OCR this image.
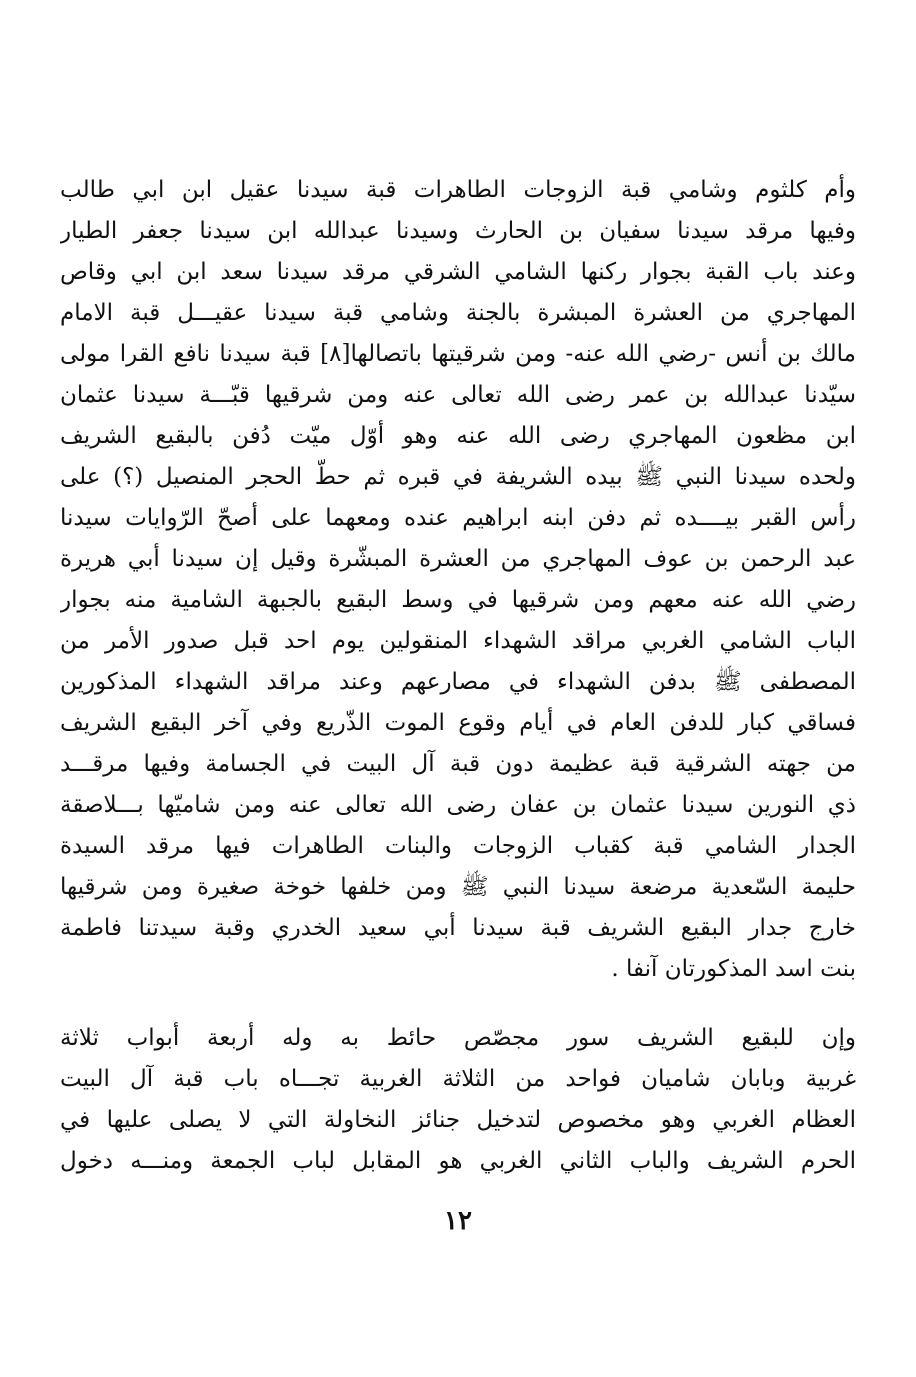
وأم كلثوم وشامي قبة الزوجات الطاهرات قبة سيدنا عقيل ابن ابي طالب
وفيها مرقد سيدنا سفيان بن الحارث وسيدنا عبدالله ابن سيدنا جعفر الطيار
وعند باب القبة بجوار ركنها الشامي الشرقي مرقد سيدنا سعد ابن ابي وقاص
المهاجري من العشرة المبشرة بالجنة وشامي قبة سيدنا عقيـــل قبة الامام
مالك بن أنس -رضي الله عنه- ومن شرقيتها باتصالها[٨] قبة سيدنا نافع القرا مولى
سيّدنا عبدالله بن عمر رضى الله تعالى عنه ومن شرقيها قبّـــة سيدنا عثمان
ابن مظعون المهاجري رضى الله عنه وهو أوّل ميّت دُفن بالبقيع الشريف
ولحده سيدنا النبي ﷺ بيده الشريفة في قبره ثم حطّ الحجر المنصيل (؟) على
رأس القبر بيــــده ثم دفن ابنه ابراهيم عنده ومعهما على أصحّ الرّوايات سيدنا
عبد الرحمن بن عوف المهاجري من العشرة المبشّرة وقيل إن سيدنا أبي هريرة
رضي الله عنه معهم ومن شرقيها في وسط البقيع بالجبهة الشامية منه بجوار
الباب الشامي الغربي مراقد الشهداء المنقولين يوم احد قبل صدور الأمر من
المصطفى ﷺ بدفن الشهداء في مصارعهم وعند مراقد الشهداء المذكورين
فساقي كبار للدفن العام في أيام وقوع الموت الذّريع وفي آخر البقيع الشريف
من جهته الشرقية قبة عظيمة دون قبة آل البيت في الجسامة وفيها مرقـــد
ذي النورين سيدنا عثمان بن عفان رضى الله تعالى عنه ومن شاميّها بـــلاصقة
الجدار الشامي قبة كقباب الزوجات والبنات الطاهرات فيها مرقد السيدة
حليمة السّعدية مرضعة سيدنا النبي ﷺ ومن خلفها خوخة صغيرة ومن شرقيها
خارج جدار البقيع الشريف قبة سيدنا أبي سعيد الخدري وقبة سيدتنا فاطمة
بنت اسد المذكورتان آنفا .
وإن للبقيع الشريف سور مجصّص حائط به وله أربعة أبواب ثلاثة
غربية وبابان شاميان فواحد من الثلاثة الغربية تجـــاه باب قبة آل البيت
العظام الغربي وهو مخصوص لتدخيل جنائز النخاولة التي لا يصلى عليها في
الحرم الشريف والباب الثاني الغربي هو المقابل لباب الجمعة ومنـــه دخول
١٢
